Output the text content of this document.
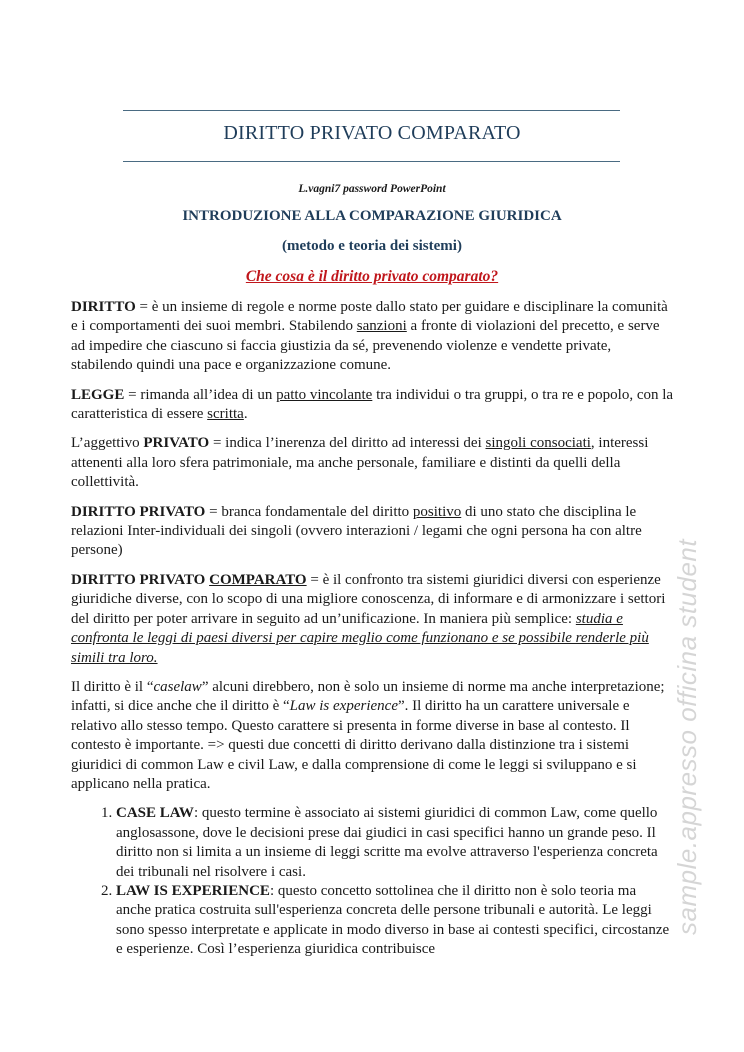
DIRITTO PRIVATO COMPARATO
L.vagni7 password PowerPoint
INTRODUZIONE ALLA COMPARAZIONE GIURIDICA
(metodo e teoria dei sistemi)
Che cosa è il diritto privato comparato?

DIRITTO = è un insieme di regole e norme poste dallo stato per guidare e disciplinare la comunità e i comportamenti dei suoi membri. Stabilendo sanzioni a fronte di violazioni del precetto, e serve ad impedire che ciascuno si faccia giustizia da sé, prevenendo violenze e vendette private, stabilendo quindi una pace e organizzazione comune.

LEGGE = rimanda all’idea di un patto vincolante tra individui o tra gruppi, o tra re e popolo, con la caratteristica di essere scritta.

L’aggettivo PRIVATO = indica l’inerenza del diritto ad interessi dei singoli consociati, interessi attenenti alla loro sfera patrimoniale, ma anche personale, familiare e distinti da quelli della collettività.

DIRITTO PRIVATO = branca fondamentale del diritto positivo di uno stato che disciplina le relazioni Inter-individuali dei singoli (ovvero interazioni / legami che ogni persona ha con altre persone)

DIRITTO PRIVATO COMPARATO = è il confronto tra sistemi giuridici diversi con esperienze giuridiche diverse, con lo scopo di una migliore conoscenza, di informare e di armonizzare i settori del diritto per poter arrivare in seguito ad un’unificazione. In maniera più semplice: studia e confronta le leggi di paesi diversi per capire meglio come funzionano e se possibile renderle più simili tra loro.

Il diritto è il “caselaw” alcuni direbbero, non è solo un insieme di norme ma anche interpretazione; infatti, si dice anche che il diritto è “Law is experience”. Il diritto ha un carattere universale e relativo allo stesso tempo. Questo carattere si presenta in forme diverse in base al contesto. Il contesto è importante. => questi due concetti di diritto derivano dalla distinzione tra i sistemi giuridici di common Law e civil Law, e dalla comprensione di come le leggi si sviluppano e si applicano nella pratica.

1. CASE LAW: questo termine è associato ai sistemi giuridici di common Law, come quello anglosassone, dove le decisioni prese dai giudici in casi specifici hanno un grande peso. Il diritto non si limita a un insieme di leggi scritte ma evolve attraverso l'esperienza concreta dei tribunali nel risolvere i casi.
2. LAW IS EXPERIENCE: questo concetto sottolinea che il diritto non è solo teoria ma anche pratica costruita sull'esperienza concreta delle persone tribunali e autorità. Le leggi sono spesso interpretate e applicate in modo diverso in base ai contesti specifici, circostanze e esperienze. Così l’esperienza giuridica contribuisce
sample.appresso officina student
